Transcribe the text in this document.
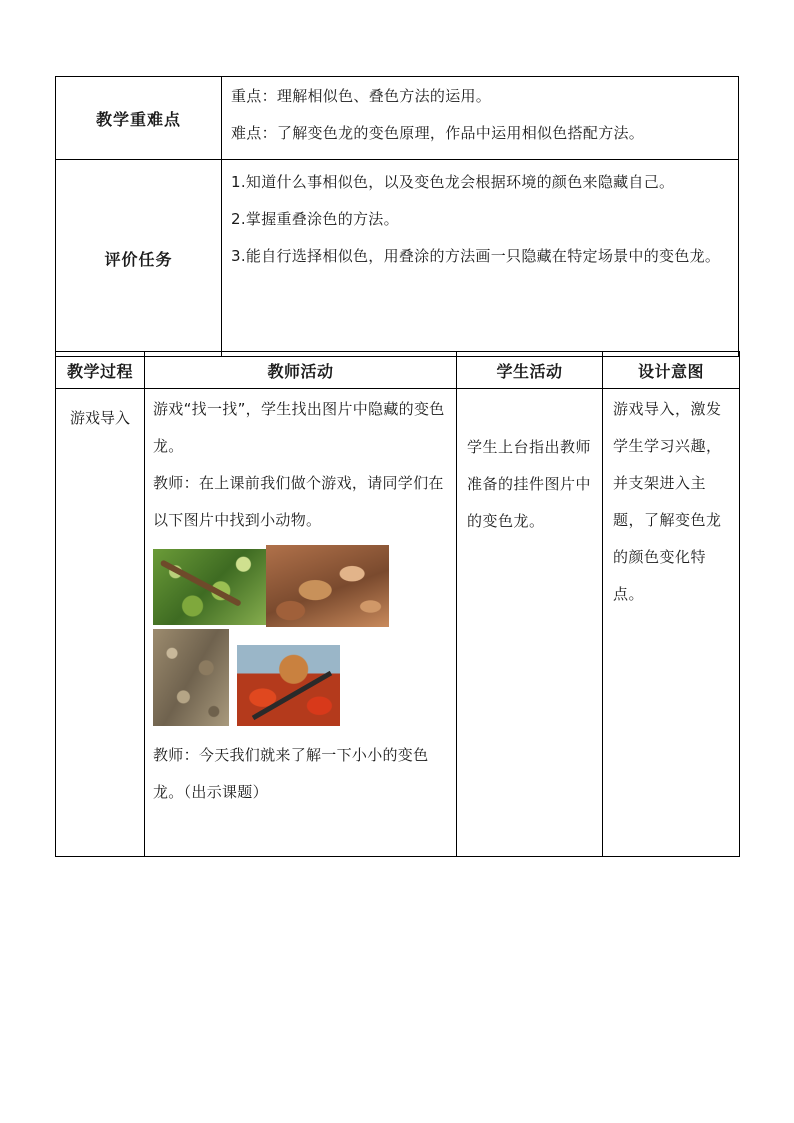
教学重难点	重点：理解相似色、叠色方法的运用。

难点：了解变色龙的变色原理，作品中运用相似色搭配方法。

评价任务	1.知道什么事相似色，以及变色龙会根据环境的颜色来隐藏自己。

2.掌握重叠涂色的方法。

3.能自行选择相似色，用叠涂的方法画一只隐藏在特定场景中的变色龙。

教学过程	教师活动	学生活动	设计意图
游戏导入	游戏“找一找”，学生找出图片中隐藏的变色龙。

教师：在上课前我们做个游戏，请同学们在以下图片中找到小动物。

教师：今天我们就来了解一下小小的变色龙。（出示课题）	学生上台指出教师准备的挂件图片中的变色龙。	游戏导入，激发学生学习兴趣，并支架进入主题，了解变色龙的颜色变化特点。
